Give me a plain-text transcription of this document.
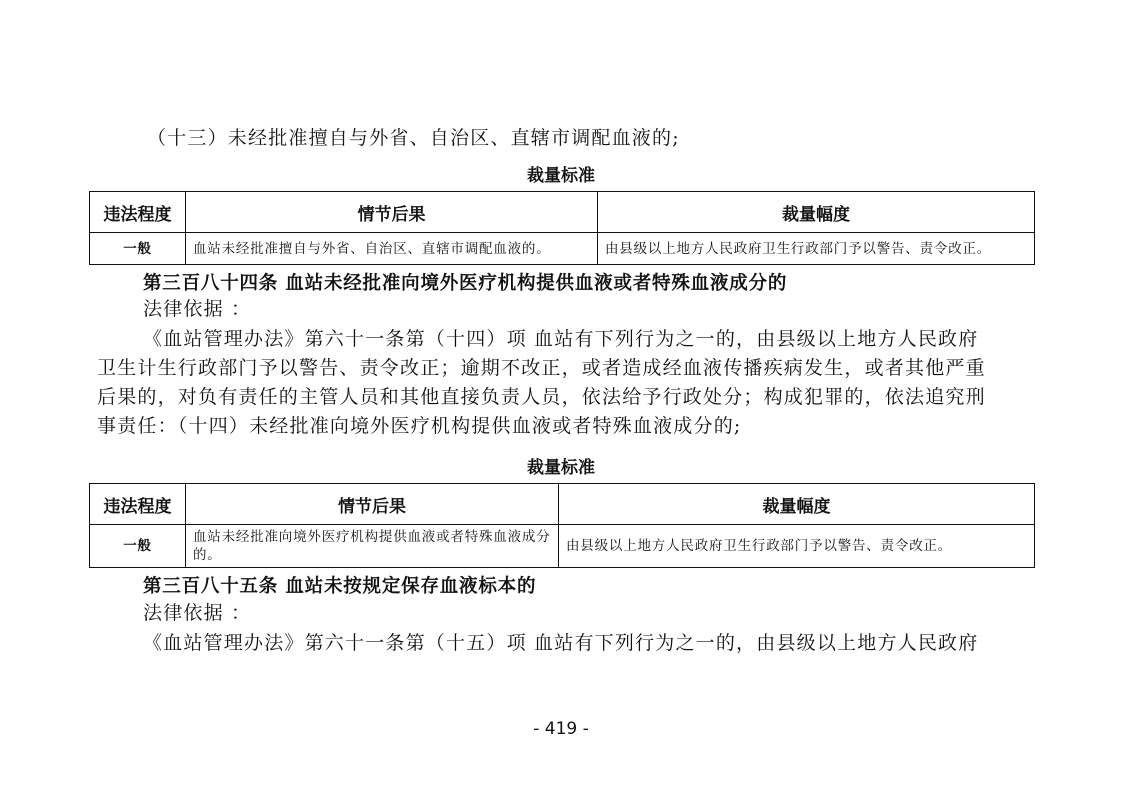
（十三）未经批准擅自与外省、自治区、直辖市调配血液的;
裁量标准
违法程度	情节后果	裁量幅度
一般	血站未经批准擅自与外省、自治区、直辖市调配血液的。	由县级以上地方人民政府卫生行政部门予以警告、责令改正。
第三百八十四条 血站未经批准向境外医疗机构提供血液或者特殊血液成分的
法律依据 ：
《血站管理办法》第六十一条第（十四）项 血站有下列行为之一的，由县级以上地方人民政府
卫生计生行政部门予以警告、责令改正；逾期不改正，或者造成经血液传播疾病发生，或者其他严重
后果的，对负有责任的主管人员和其他直接负责人员，依法给予行政处分；构成犯罪的，依法追究刑
事责任：（十四）未经批准向境外医疗机构提供血液或者特殊血液成分的;
裁量标准
违法程度	情节后果	裁量幅度
一般	血站未经批准向境外医疗机构提供血液或者特殊血液成分的。	由县级以上地方人民政府卫生行政部门予以警告、责令改正。
第三百八十五条 血站未按规定保存血液标本的
法律依据 ：
《血站管理办法》第六十一条第（十五）项 血站有下列行为之一的，由县级以上地方人民政府
- 419 -
